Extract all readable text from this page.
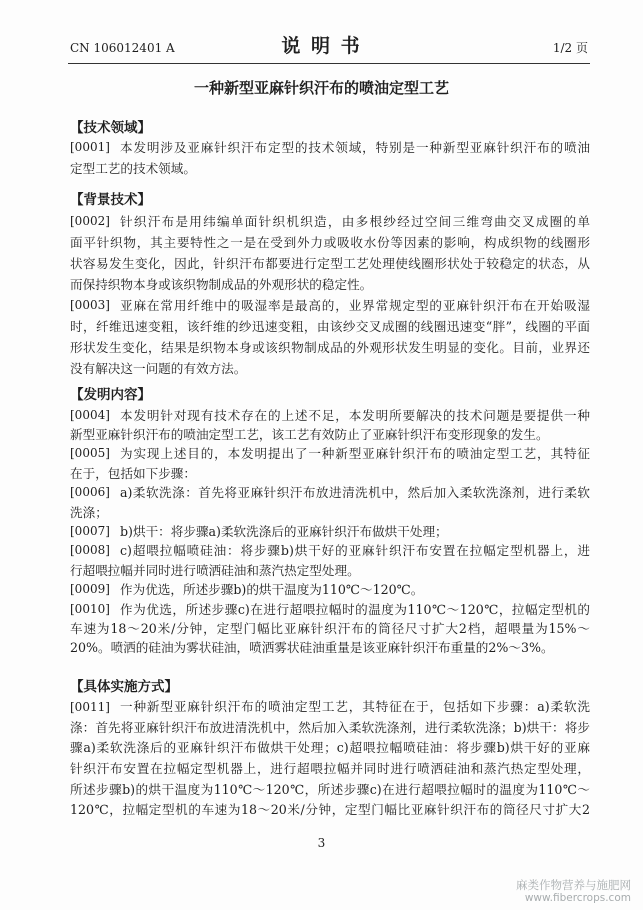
CN 106012401 A	说 明 书	1/2 页
一种新型亚麻针织汗布的喷油定型工艺
【技术领域】
[0001] 本发明涉及亚麻针织汗布定型的技术领域，特别是一种新型亚麻针织汗布的喷油
定型工艺的技术领域。
【背景技术】
[0002] 针织汗布是用纬编单面针织机织造，由多根纱经过空间三维弯曲交叉成圈的单
面平针织物，其主要特性之一是在受到外力或吸收水份等因素的影响，构成织物的线圈形
状容易发生变化，因此，针织汗布都要进行定型工艺处理使线圈形状处于较稳定的状态，从
而保持织物本身或该织物制成品的外观形状的稳定性。
[0003] 亚麻在常用纤维中的吸湿率是最高的，业界常规定型的亚麻针织汗布在开始吸湿
时，纤维迅速变粗，该纤维的纱迅速变粗，由该纱交叉成圈的线圈迅速变“胖”，线圈的平面
形状发生变化，结果是织物本身或该织物制成品的外观形状发生明显的变化。目前，业界还
没有解决这一问题的有效方法。
【发明内容】
[0004] 本发明针对现有技术存在的上述不足，本发明所要解决的技术问题是要提供一种
新型亚麻针织汗布的喷油定型工艺，该工艺有效防止了亚麻针织汗布变形现象的发生。
[0005] 为实现上述目的，本发明提出了一种新型亚麻针织汗布的喷油定型工艺，其特征
在于，包括如下步骤：
[0006] a)柔软洗涤：首先将亚麻针织汗布放进清洗机中，然后加入柔软洗涤剂，进行柔软
洗涤；
[0007] b)烘干：将步骤a)柔软洗涤后的亚麻针织汗布做烘干处理；
[0008] c)超喂拉幅喷硅油：将步骤b)烘干好的亚麻针织汗布安置在拉幅定型机器上，进
行超喂拉幅并同时进行喷洒硅油和蒸汽热定型处理。
[0009] 作为优选，所述步骤b)的烘干温度为110℃～120℃。
[0010] 作为优选，所述步骤c)在进行超喂拉幅时的温度为110℃～120℃，拉幅定型机的
车速为18～20米/分钟，定型门幅比亚麻针织汗布的筒径尺寸扩大2档，超喂量为15%～
20%。喷洒的硅油为雾状硅油，喷洒雾状硅油重量是该亚麻针织汗布重量的2%～3%。
【具体实施方式】
[0011] 一种新型亚麻针织汗布的喷油定型工艺，其特征在于，包括如下步骤：a)柔软洗
涤：首先将亚麻针织汗布放进清洗机中，然后加入柔软洗涤剂，进行柔软洗涤；b)烘干：将步
骤a)柔软洗涤后的亚麻针织汗布做烘干处理；c)超喂拉幅喷硅油：将步骤b)烘干好的亚麻
针织汗布安置在拉幅定型机器上，进行超喂拉幅并同时进行喷洒硅油和蒸汽热定型处理，
所述步骤b)的烘干温度为110℃～120℃，所述步骤c)在进行超喂拉幅时的温度为110℃～
120℃，拉幅定型机的车速为18～20米/分钟，定型门幅比亚麻针织汗布的筒径尺寸扩大2
3
麻类作物营养与施肥网
www.fibercrops.com
